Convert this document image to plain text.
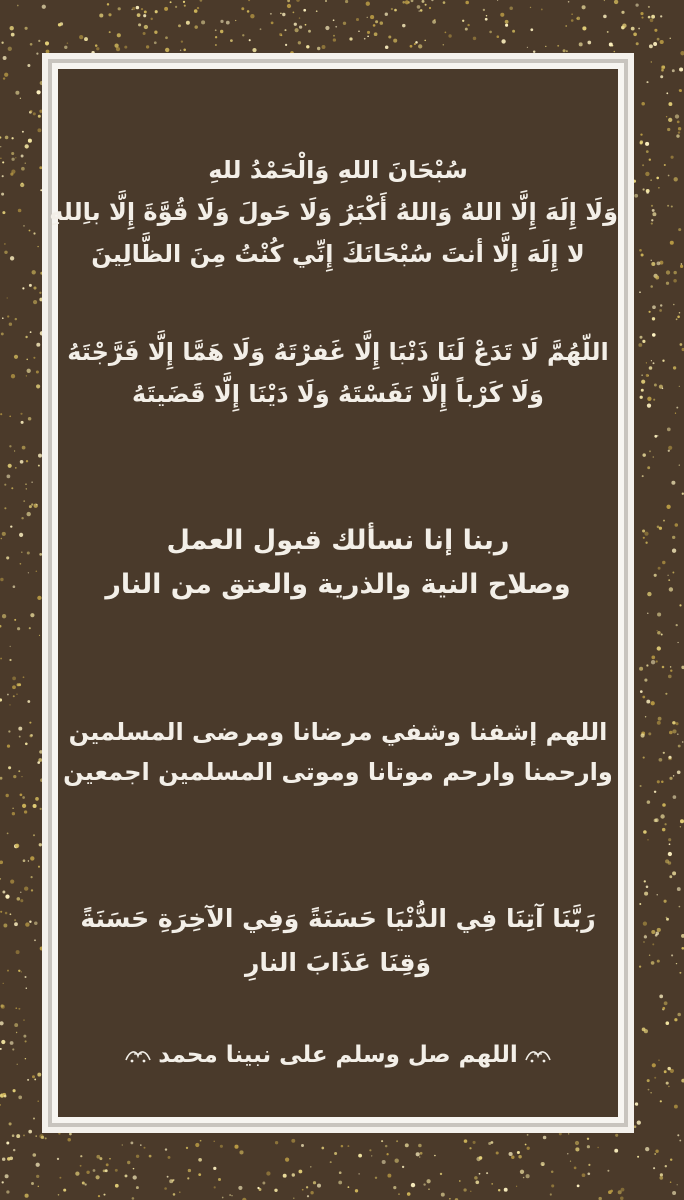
سُبْحَانَ اللهِ وَالْحَمْدُ للهِ
وَلَا إِلَهَ إِلَّا اللهُ وَاللهُ أَكْبَرُ وَلَا حَولَ وَلَا قُوَّةَ إِلَّا باِللهِ
لا إِلَهَ إِلَّا أنتَ سُبْحَانَكَ إِنِّي كُنْتُ مِنَ الظَّالِينَ
اللّهُمَّ لَا تَدَعْ لَنَا ذَنْبَا إِلَّا غَفرْتَهُ وَلَا هَمَّا إِلَّا فَرَّجْتَهُ
وَلَا كَرْباً إِلَّا نَفَسْتَهُ وَلَا دَيْنَا إِلَّا قَضَيتَهُ
ربنا إنا نسألك قبول العمل
وصلاح النية والذرية والعتق من النار
اللهم إشفنا وشفي مرضانا ومرضى المسلمين
وارحمنا وارحم موتانا وموتى المسلمين اجمعين
رَبَّنَا آتِنَا فِي الدُّنْيَا حَسَنَةً وَفِي الآخِرَةِ حَسَنَةً
وَقِنَا عَذَابَ النارِ
اللهم صل وسلم على نبينا محمد
